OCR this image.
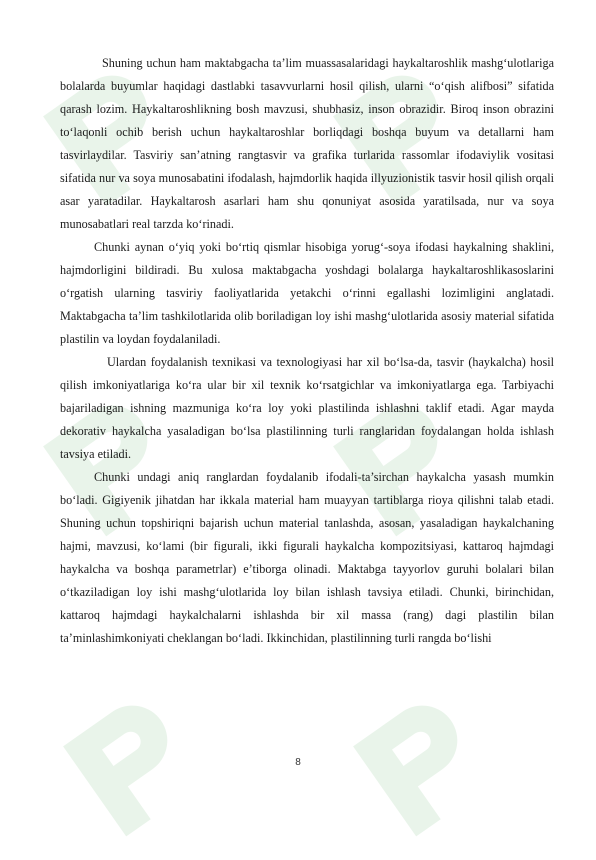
Shuning uchun ham maktabgacha ta’lim muassasalaridagi haykaltaroshlik mashg‘ulotlariga bolalarda buyumlar haqidagi dastlabki tasavvurlarni hosil qilish, ularni “o‘qish alifbosi” sifatida qarash lozim. Haykaltaroshlikning bosh mavzusi, shubhasiz, inson obrazidir. Biroq inson obrazini to‘laqonli ochib berish uchun haykaltaroshlar borliqdagi boshqa buyum va detallarni ham tasvirlaydilar. Tasviriy san’atning rangtasvir va grafika turlarida rassomlar ifodaviylik vositasi sifatida nur va soya munosabatini ifodalash, hajmdorlik haqida illyuzionistik tasvir hosil qilish orqali asar yaratadilar. Haykaltarosh asarlari ham shu qonuniyat asosida yaratilsada, nur va soya munosabatlari real tarzda ko‘rinadi.

Chunki aynan o‘yiq yoki bo‘rtiq qismlar hisobiga yorug‘-soya ifodasi haykalning shaklini, hajmdorligini bildiradi. Bu xulosa maktabgacha yoshdagi bolalarga haykaltaroshlikasoslarini o‘rgatish ularning tasviriy faoliyatlarida yetakchi o‘rinni egallashi lozimligini anglatadi. Maktabgacha ta’lim tashkilotlarida olib boriladigan loy ishi mashg‘ulotlarida asosiy material sifatida plastilin va loydan foydalaniladi.

Ulardan foydalanish texnikasi va texnologiyasi har xil bo‘lsa-da, tasvir (haykalcha) hosil qilish imkoniyatlariga ko‘ra ular bir xil texnik ko‘rsatgichlar va imkoniyatlarga ega. Tarbiyachi bajariladigan ishning mazmuniga ko‘ra loy yoki plastilinda ishlashni taklif etadi. Agar mayda dekorativ haykalcha yasaladigan bo‘lsa plastilinning turli ranglaridan foydalangan holda ishlash tavsiya etiladi.

Chunki undagi aniq ranglardan foydalanib ifodali-ta’sirchan haykalcha yasash mumkin bo‘ladi. Gigiyenik jihatdan har ikkala material ham muayyan tartiblarga rioya qilishni talab etadi. Shuning uchun topshiriqni bajarish uchun material tanlashda, asosan, yasaladigan haykalchaning hajmi, mavzusi, ko‘lami (bir figurali, ikki figurali haykalcha kompozitsiyasi, kattaroq hajmdagi haykalcha va boshqa parametrlar) e’tiborga olinadi. Maktabga tayyorlov guruhi bolalari bilan o‘tkaziladigan loy ishi mashg‘ulotlarida loy bilan ishlash tavsiya etiladi. Chunki, birinchidan, kattaroq hajmdagi haykalchalarni ishlashda bir xil massa (rang) dagi plastilin bilan ta’minlashimkoniyati cheklangan bo‘ladi. Ikkinchidan, plastilinning turli rangda bo‘lishi

8
